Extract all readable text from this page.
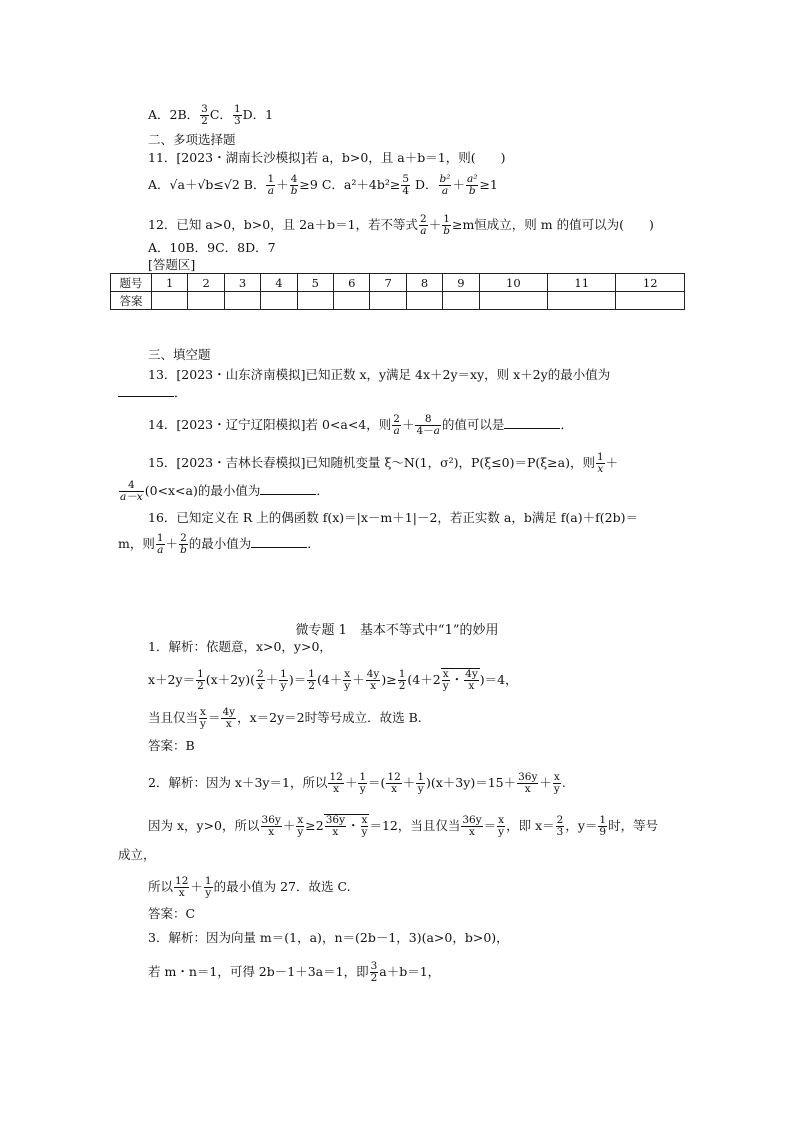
A．2B． $\frac{3}{2}$ C． $\frac{1}{3}$ D．1
二、多项选择题
11．[2023・湖南长沙模拟]若 a，b>0，且 a＋b＝1，则(　　)
A．√a＋√b≤√2 B． $\frac{1}{a} + \frac{4}{b} \ge 9$ C．$a^2+4b^2\ge \frac{5}{4}$ D． $\frac{\text{b²}}{a} + \frac{\text{a²}}{b} \ge 1$
12．已知 a>0，b>0，且 2a＋b＝1，若不等式 $\frac{2}{a} + \frac{1}{b} \ge m$恒成立，则 m 的值可以为(　　)
A．10B．9C．8D．7
[答题区]
题号	1	2	3	4	5	6	7	8	9	10	11	12
答案												
三、填空题
13．[2023・山东济南模拟]已知正数 x，y满足 4x＋2y＝xy，则 x＋2y的最小值为
．
14．[2023・辽宁辽阳模拟]若 0<a<4，则 $\frac{2}{a} + \frac{8}{4-a}$ 的值可以是	．
15．[2023・吉林长春模拟]已知随机变量 ξ～N(1，σ²)，P(ξ≤0)＝P(ξ≥a)，则 $\frac{1}{x}$ ＋
$\frac{4}{a-x} (0<x<a)$的最小值为	．
16．已知定义在 R 上的偶函数 f(x)＝|x－m＋1|－2，若正实数 a，b满足 f(a)＋f(2b)＝
m，则 $\frac{1}{a} + \frac{2}{b}$ 的最小值为	．
微专题 1　基本不等式中“1”的妙用
1．解析：依题意，x>0，y>0，
$x+2y= \frac{1}{2} (x+2y)( \frac{2}{x} + \frac{1}{y}$ )＝ $\frac{1}{2} (4+ \frac{x}{y} + \frac{4y}{x}$ )≥ $\frac{1}{2} (4+2 \frac{x}{y}$ ・ $\frac{4y}{x} )=4$，
当且仅当 $\frac{x}{y} = \frac{4y}{x}$ ，x＝2y＝2时等号成立．故选 B.
答案：B
2．解析：因为 x＋3y＝1，所以 $\frac{12}{x} + \frac{1}{y}$ ＝( $\frac{12}{x} + \frac{1}{y} )(x+3y)=15+ \frac{36y}{x} + \frac{x}{y}$ .
因为 x，y>0，所以 $\frac{36y}{x} + \frac{x}{y} \ge 2 \frac{36y}{x}$ ・ $\frac{x}{y} =12$，当且仅当 $\frac{36y}{x} = \frac{x}{y}$ ，即 $x= \frac{2}{3}$ ，$y= \frac{1}{9}$ 时，等号
成立，
所以 $\frac{12}{x} + \frac{1}{y}$ 的最小值为 27．故选 C.
答案：C
3．解析：因为向量 m＝(1，a)，n＝(2b－1，3)(a>0，b>0)，
若 m・n＝1，可得 2b－1＋3a＝1，即 $\frac{3}{2} a+b=1$，
